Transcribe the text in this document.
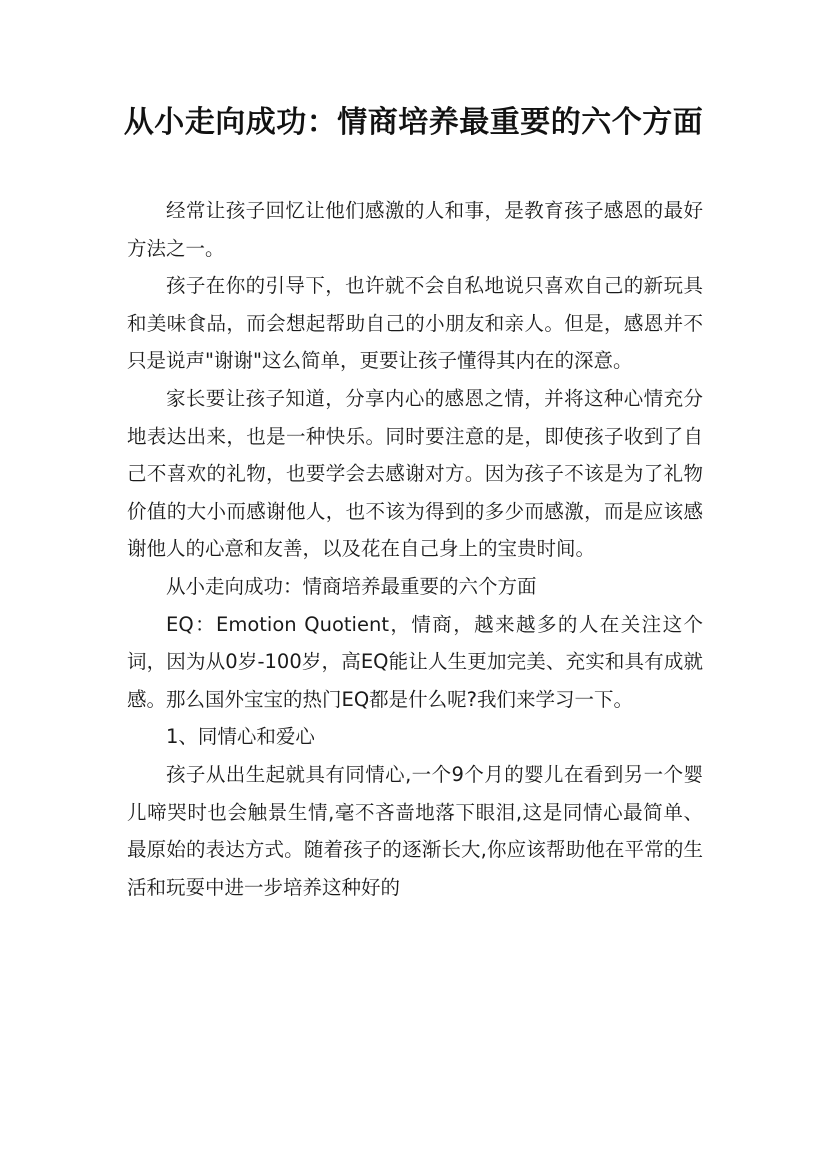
从小走向成功：情商培养最重要的六个方面

经常让孩子回忆让他们感激的人和事，是教育孩子感恩的最好方法之一。

孩子在你的引导下，也许就不会自私地说只喜欢自己的新玩具和美味食品，而会想起帮助自己的小朋友和亲人。但是，感恩并不只是说声"谢谢"这么简单，更要让孩子懂得其内在的深意。

家长要让孩子知道，分享内心的感恩之情，并将这种心情充分地表达出来，也是一种快乐。同时要注意的是，即使孩子收到了自己不喜欢的礼物，也要学会去感谢对方。因为孩子不该是为了礼物价值的大小而感谢他人，也不该为得到的多少而感激，而是应该感谢他人的心意和友善，以及花在自己身上的宝贵时间。

从小走向成功：情商培养最重要的六个方面

EQ：Emotion Quotient，情商，越来越多的人在关注这个词，因为从0岁-100岁，高EQ能让人生更加完美、充实和具有成就感。那么国外宝宝的热门EQ都是什么呢?我们来学习一下。

1、同情心和爱心

孩子从出生起就具有同情心,一个9个月的婴儿在看到另一个婴儿啼哭时也会触景生情,毫不吝啬地落下眼泪,这是同情心最简单、最原始的表达方式。随着孩子的逐渐长大,你应该帮助他在平常的生活和玩耍中进一步培养这种好的
